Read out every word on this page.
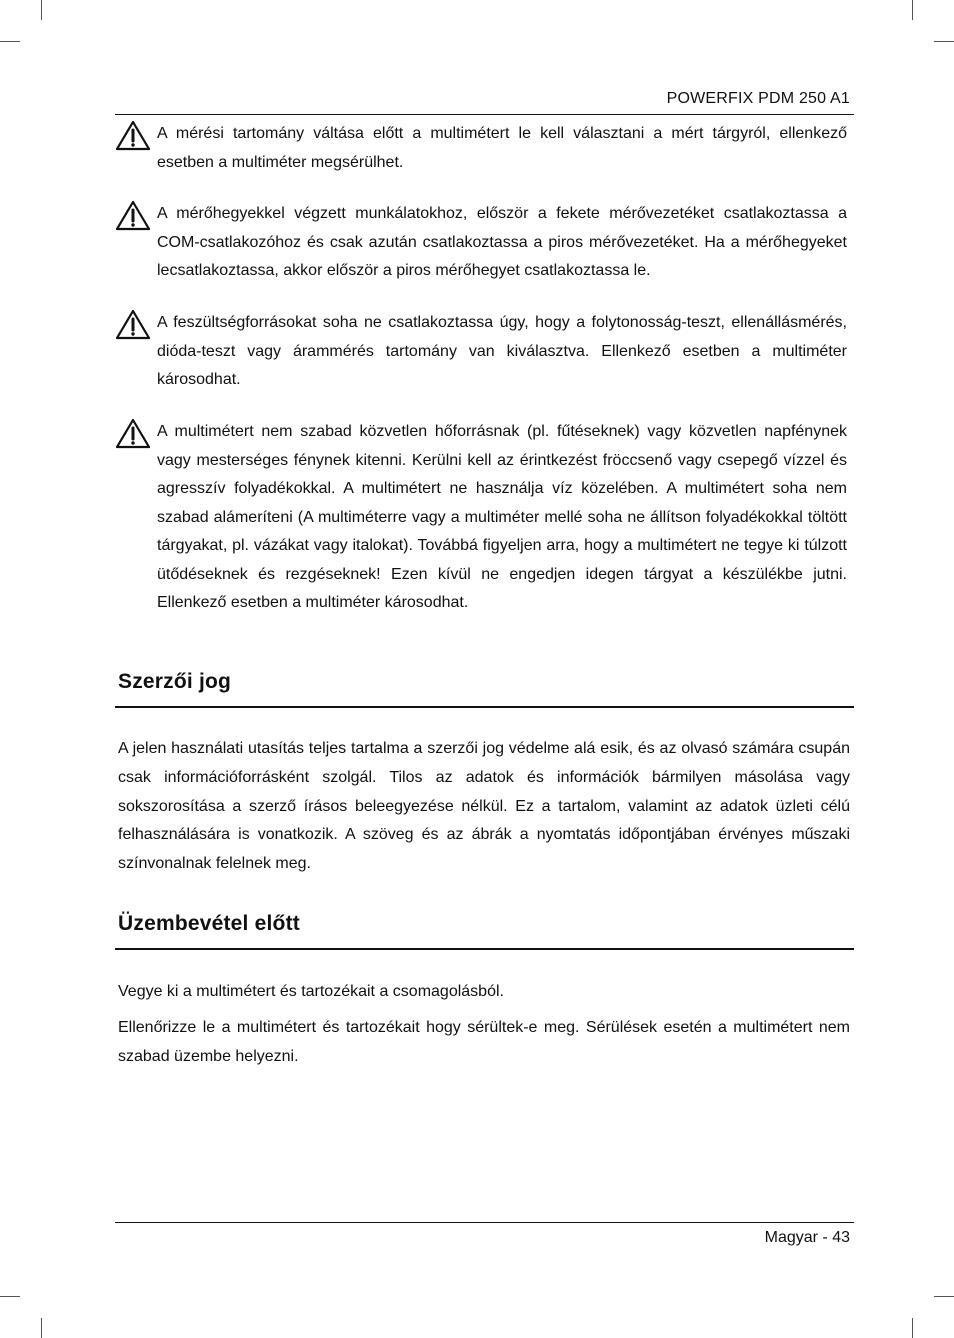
POWERFIX PDM 250 A1
A mérési tartomány váltása előtt a multimétert le kell választani a mért tárgyról, ellenkező esetben a multiméter megsérülhet.
A mérőhegyekkel végzett munkálatokhoz, először a fekete mérővezetéket csatlakoztassa a COM-csatlakozóhoz és csak azután csatlakoztassa a piros mérővezetéket. Ha a mérőhegyeket lecsatlakoztassa, akkor először a piros mérőhegyet csatlakoztassa le.
A feszültségforrásokat soha ne csatlakoztassa úgy, hogy a folytonosság-teszt, ellenállásmérés, dióda-teszt vagy árammérés tartomány van kiválasztva. Ellenkező esetben a multiméter károsodhat.
A multimétert nem szabad közvetlen hőforrásnak (pl. fűtéseknek) vagy közvetlen napfénynek vagy mesterséges fénynek kitenni. Kerülni kell az érintkezést fröccsenő vagy csepegő vízzel és agresszív folyadékokkal. A multimétert ne használja víz közelében. A multimétert soha nem szabad alámeríteni (A multiméterre vagy a multiméter mellé soha ne állítson folyadékokkal töltött tárgyakat, pl. vázákat vagy italokat). Továbbá figyeljen arra, hogy a multimétert ne tegye ki túlzott ütődéseknek és rezgéseknek! Ezen kívül ne engedjen idegen tárgyat a készülékbe jutni. Ellenkező esetben a multiméter károsodhat.
Szerzői jog
A jelen használati utasítás teljes tartalma a szerzői jog védelme alá esik, és az olvasó számára csupán csak információforrásként szolgál. Tilos az adatok és információk bármilyen másolása vagy sokszorosítása a szerző írásos beleegyezése nélkül. Ez a tartalom, valamint az adatok üzleti célú felhasználására is vonatkozik. A szöveg és az ábrák a nyomtatás időpontjában érvényes műszaki színvonalnak felelnek meg.
Üzembevétel előtt
Vegye ki a multimétert és tartozékait a csomagolásból.
Ellenőrizze le a multimétert és tartozékait hogy sérültek-e meg. Sérülések esetén a multimétert nem szabad üzembe helyezni.
Magyar - 43
